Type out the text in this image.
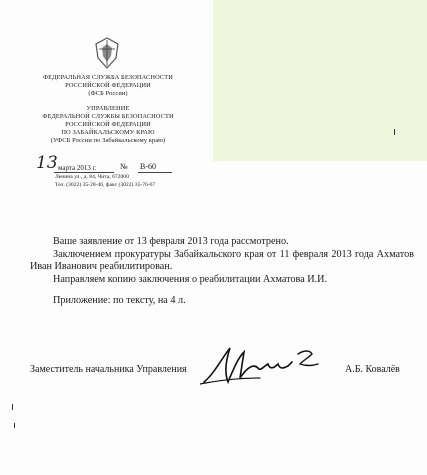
ФЕДЕРАЛЬНАЯ СЛУЖБА БЕЗОПАСНОСТИ
РОССИЙСКОЙ ФЕДЕРАЦИИ
(ФСБ России)
УПРАВЛЕНИЕ
ФЕДЕРАЛЬНОЙ СЛУЖБЫ БЕЗОПАСНОСТИ
РОССИЙСКОЙ ФЕДЕРАЦИИ
ПО ЗАБАЙКАЛЬСКОМУ КРАЮ
(УФСБ России по Забайкальскому краю)
13 марта 2013 г.	№ В-60
Ленина ул., д. 84, Чита, 672000
Тел. (3022) 35-28-46, факс (3022) 35-76-67

Ваше заявление от 13 февраля 2013 года рассмотрено.

Заключением прокуратуры Забайкальского края от 11 февраля 2013 года Ахматов Иван Иванович реабилитирован.

Направляем копию заключения о реабилитации Ахматова И.И.

Приложение: по тексту, на 4 л.

Заместитель начальника Управления	А.Б. Ковалёв
